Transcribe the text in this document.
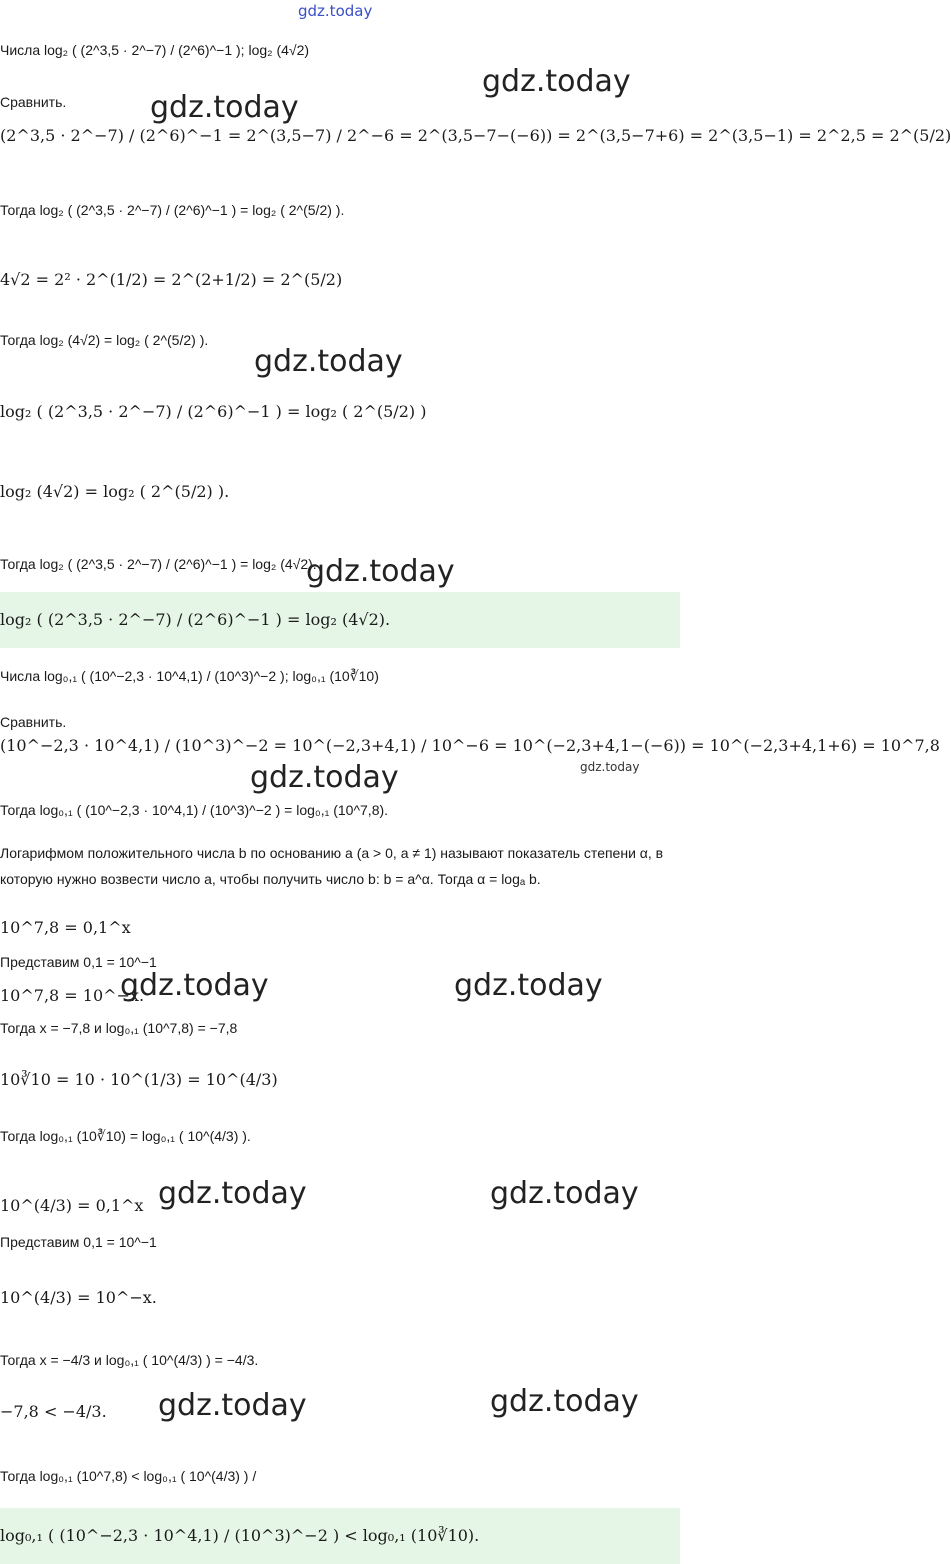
gdz.today
Числа log₂ ( (2^3,5 · 2^−7) / (2^6)^−1 ); log₂ (4√2)
Сравнить.
(2^3,5 · 2^−7) / (2^6)^−1 = 2^(3,5−7) / 2^−6 = 2^(3,5−7−(−6)) = 2^(3,5−7+6) = 2^(3,5−1) = 2^2,5 = 2^(5/2)
Тогда log₂ ( (2^3,5 · 2^−7) / (2^6)^−1 ) = log₂ ( 2^(5/2) ).
4√2 = 2² · 2^(1/2) = 2^(2+1/2) = 2^(5/2)
Тогда log₂ (4√2) = log₂ ( 2^(5/2) ).
log₂ ( (2^3,5 · 2^−7) / (2^6)^−1 ) = log₂ ( 2^(5/2) )
log₂ (4√2) = log₂ ( 2^(5/2) ).
Тогда log₂ ( (2^3,5 · 2^−7) / (2^6)^−1 ) = log₂ (4√2).
log₂ ( (2^3,5 · 2^−7) / (2^6)^−1 ) = log₂ (4√2).
Числа log₀,₁ ( (10^−2,3 · 10^4,1) / (10^3)^−2 ); log₀,₁ (10∛10)
Сравнить.
(10^−2,3 · 10^4,1) / (10^3)^−2 = 10^(−2,3+4,1) / 10^−6 = 10^(−2,3+4,1−(−6)) = 10^(−2,3+4,1+6) = 10^7,8
Тогда log₀,₁ ( (10^−2,3 · 10^4,1) / (10^3)^−2 ) = log₀,₁ (10^7,8).
Логарифмом положительного числа b по основанию a (a > 0, a ≠ 1) называют показатель степени α, в которую нужно возвести число a, чтобы получить число b: b = a^α. Тогда α = logₐ b.
10^7,8 = 0,1^x
Представим 0,1 = 10^−1
10^7,8 = 10^−x.
Тогда x = −7,8 и log₀,₁ (10^7,8) = −7,8
10∛10 = 10 · 10^(1/3) = 10^(4/3)
Тогда log₀,₁ (10∛10) = log₀,₁ ( 10^(4/3) ).
10^(4/3) = 0,1^x
Представим 0,1 = 10^−1
10^(4/3) = 10^−x.
Тогда x = −4/3 и log₀,₁ ( 10^(4/3) ) = −4/3.
−7,8 < −4/3.
Тогда log₀,₁ (10^7,8) < log₀,₁ ( 10^(4/3) ) /
log₀,₁ ( (10^−2,3 · 10^4,1) / (10^3)^−2 ) < log₀,₁ (10∛10).
gdz.today
gdz.today
gdz.today
gdz.today
gdz.today	gdz.today
gdz.today	gdz.today
gdz.today	gdz.today
gdz.today	gdz.today
